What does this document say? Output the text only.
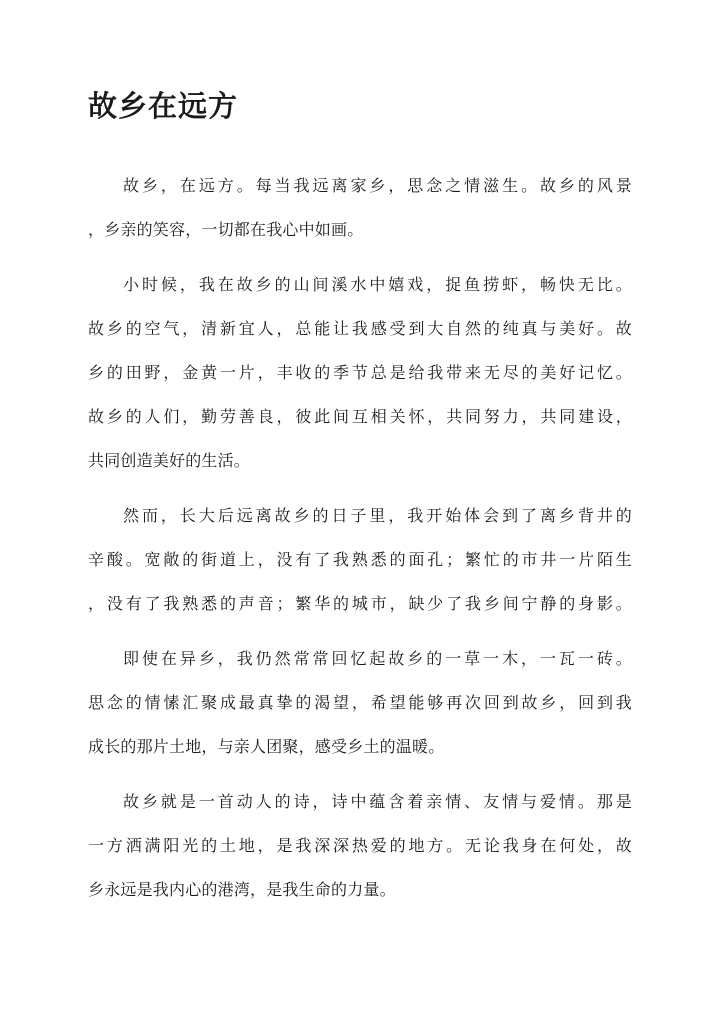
故乡在远方
故乡，在远方。每当我远离家乡，思念之情滋生。故乡的风景
，乡亲的笑容，一切都在我心中如画。
小时候，我在故乡的山间溪水中嬉戏，捉鱼捞虾，畅快无比。
故乡的空气，清新宜人，总能让我感受到大自然的纯真与美好。故
乡的田野，金黄一片，丰收的季节总是给我带来无尽的美好记忆。
故乡的人们，勤劳善良，彼此间互相关怀，共同努力，共同建设，
共同创造美好的生活。
然而，长大后远离故乡的日子里，我开始体会到了离乡背井的
辛酸。宽敞的街道上，没有了我熟悉的面孔；繁忙的市井一片陌生
，没有了我熟悉的声音；繁华的城市，缺少了我乡间宁静的身影。
即使在异乡，我仍然常常回忆起故乡的一草一木，一瓦一砖。
思念的情愫汇聚成最真挚的渴望，希望能够再次回到故乡，回到我
成长的那片土地，与亲人团聚，感受乡土的温暖。
故乡就是一首动人的诗，诗中蕴含着亲情、友情与爱情。那是
一方洒满阳光的土地，是我深深热爱的地方。无论我身在何处，故
乡永远是我内心的港湾，是我生命的力量。
